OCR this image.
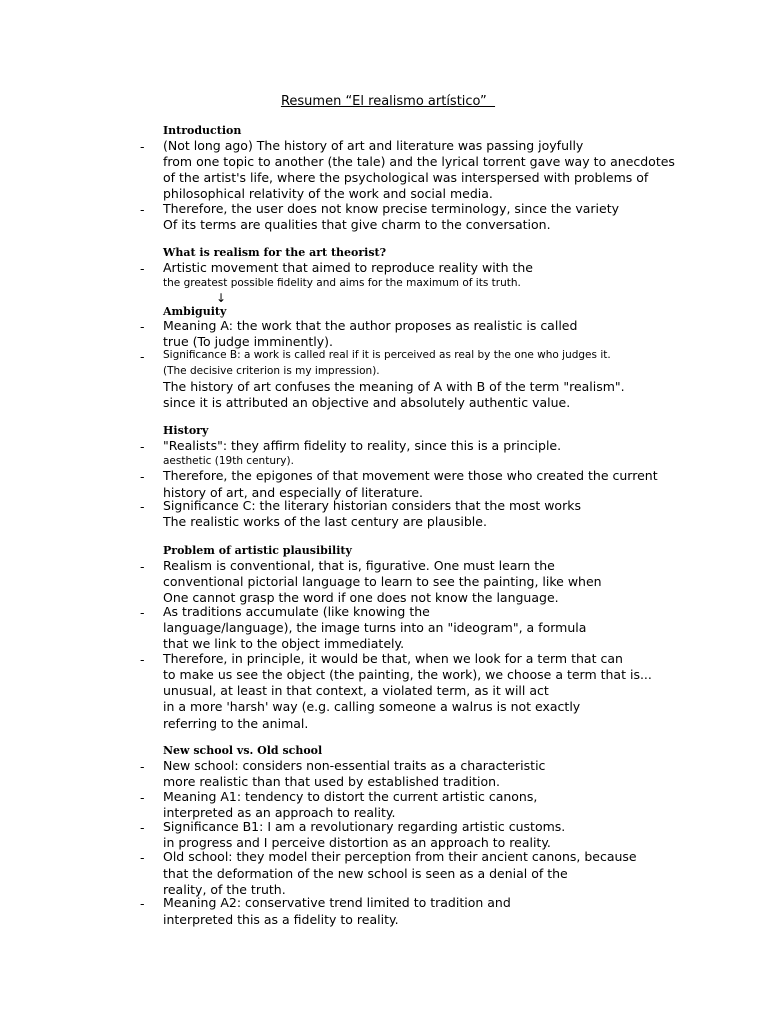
Resumen “El realismo artístico”
Introduction
- (Not long ago) The history of art and literature was passing joyfully
from one topic to another (the tale) and the lyrical torrent gave way to anecdotes
of the artist's life, where the psychological was interspersed with problems of
philosophical relativity of the work and social media.
- Therefore, the user does not know precise terminology, since the variety
Of its terms are qualities that give charm to the conversation.
What is realism for the art theorist?
- Artistic movement that aimed to reproduce reality with the
the greatest possible fidelity and aims for the maximum of its truth.
↓
Ambiguity
- Meaning A: the work that the author proposes as realistic is called
true (To judge imminently).
- Significance B: a work is called real if it is perceived as real by the one who judges it.
(The decisive criterion is my impression).
The history of art confuses the meaning of A with B of the term "realism".
since it is attributed an objective and absolutely authentic value.
History
- "Realists": they affirm fidelity to reality, since this is a principle.
aesthetic (19th century).
- Therefore, the epigones of that movement were those who created the current
history of art, and especially of literature.
- Significance C: the literary historian considers that the most works
The realistic works of the last century are plausible.
Problem of artistic plausibility
- Realism is conventional, that is, figurative. One must learn the
conventional pictorial language to learn to see the painting, like when
One cannot grasp the word if one does not know the language.
- As traditions accumulate (like knowing the
language/language), the image turns into an "ideogram", a formula
that we link to the object immediately.
- Therefore, in principle, it would be that, when we look for a term that can
to make us see the object (the painting, the work), we choose a term that is...
unusual, at least in that context, a violated term, as it will act
in a more 'harsh' way (e.g. calling someone a walrus is not exactly
referring to the animal.
New school vs. Old school
- New school: considers non-essential traits as a characteristic
more realistic than that used by established tradition.
- Meaning A1: tendency to distort the current artistic canons,
interpreted as an approach to reality.
- Significance B1: I am a revolutionary regarding artistic customs.
in progress and I perceive distortion as an approach to reality.
- Old school: they model their perception from their ancient canons, because
that the deformation of the new school is seen as a denial of the
reality, of the truth.
- Meaning A2: conservative trend limited to tradition and
interpreted this as a fidelity to reality.
